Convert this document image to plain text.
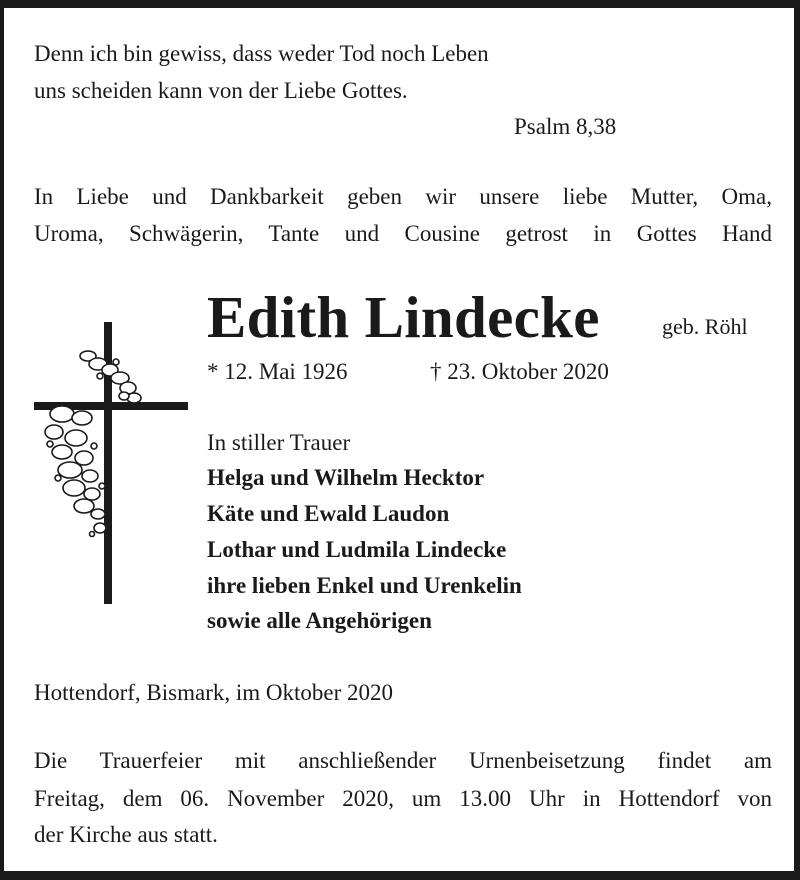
Denn ich bin gewiss, dass weder Tod noch Leben
uns scheiden kann von der Liebe Gottes.
Psalm 8,38
In Liebe und Dankbarkeit geben wir unsere liebe Mutter, Oma,
Uroma, Schwägerin, Tante und Cousine getrost in Gottes Hand
Edith Lindecke	geb. Röhl
* 12. Mai 1926	† 23. Oktober 2020
In stiller Trauer
Helga und Wilhelm Hecktor
Käte und Ewald Laudon
Lothar und Ludmila Lindecke
ihre lieben Enkel und Urenkelin
sowie alle Angehörigen
Hottendorf, Bismark, im Oktober 2020
Die Trauerfeier mit anschließender Urnenbeisetzung findet am
Freitag, dem 06. November 2020, um 13.00 Uhr in Hottendorf von
der Kirche aus statt.
